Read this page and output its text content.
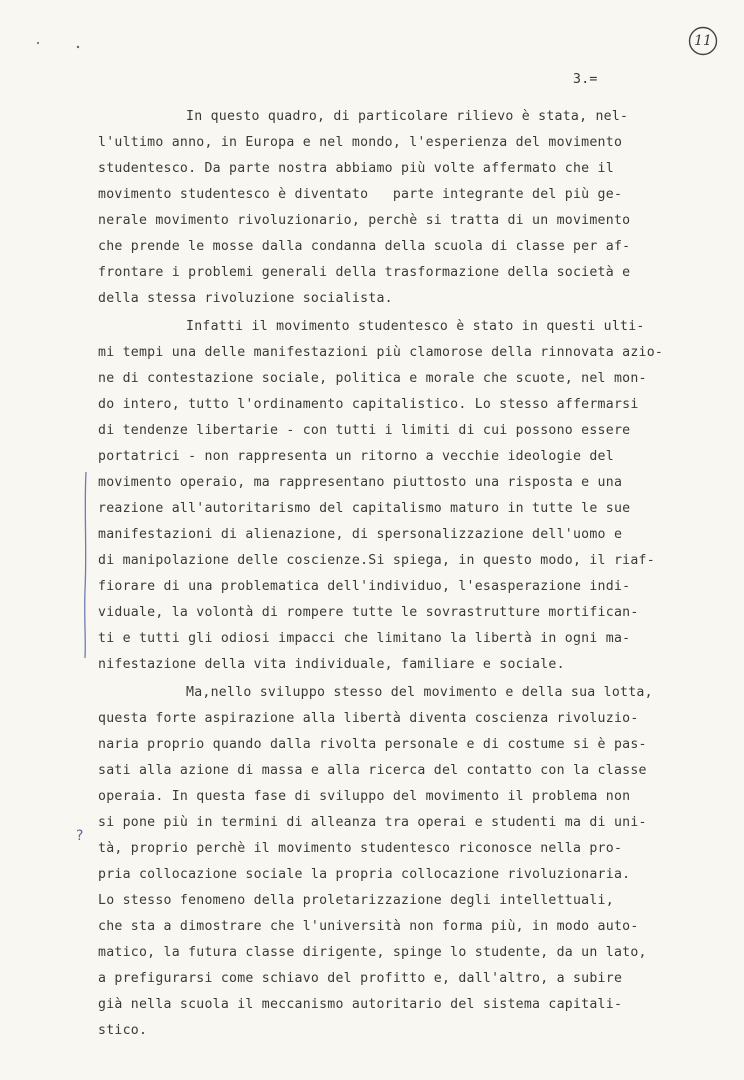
11
3.=
?
In questo quadro, di particolare rilievo è stata, nel-
l'ultimo anno, in Europa e nel mondo, l'esperienza del movimento
studentesco. Da parte nostra abbiamo più volte affermato che il
movimento studentesco è diventato   parte integrante del più ge-
nerale movimento rivoluzionario, perchè si tratta di un movimento
che prende le mosse dalla condanna della scuola di classe per af-
frontare i problemi generali della trasformazione della società e
della stessa rivoluzione socialista.
Infatti il movimento studentesco è stato in questi ulti-
mi tempi una delle manifestazioni più clamorose della rinnovata azio-
ne di contestazione sociale, politica e morale che scuote, nel mon-
do intero, tutto l'ordinamento capitalistico. Lo stesso affermarsi
di tendenze libertarie - con tutti i limiti di cui possono essere
portatrici - non rappresenta un ritorno a vecchie ideologie del
movimento operaio, ma rappresentano piuttosto una risposta e una
reazione all'autoritarismo del capitalismo maturo in tutte le sue
manifestazioni di alienazione, di spersonalizzazione dell'uomo e
di manipolazione delle coscienze.Si spiega, in questo modo, il riaf-
fiorare di una problematica dell'individuo, l'esasperazione indi-
viduale, la volontà di rompere tutte le sovrastrutture mortifican-
ti e tutti gli odiosi impacci che limitano la libertà in ogni ma-
nifestazione della vita individuale, familiare e sociale.
Ma,nello sviluppo stesso del movimento e della sua lotta,
questa forte aspirazione alla libertà diventa coscienza rivoluzio-
naria proprio quando dalla rivolta personale e di costume si è pas-
sati alla azione di massa e alla ricerca del contatto con la classe
operaia. In questa fase di sviluppo del movimento il problema non
si pone più in termini di alleanza tra operai e studenti ma di uni-
tà, proprio perchè il movimento studentesco riconosce nella pro-
pria collocazione sociale la propria collocazione rivoluzionaria.
Lo stesso fenomeno della proletarizzazione degli intellettuali,
che sta a dimostrare che l'università non forma più, in modo auto-
matico, la futura classe dirigente, spinge lo studente, da un lato,
a prefigurarsi come schiavo del profitto e, dall'altro, a subire
già nella scuola il meccanismo autoritario del sistema capitali-
stico.
